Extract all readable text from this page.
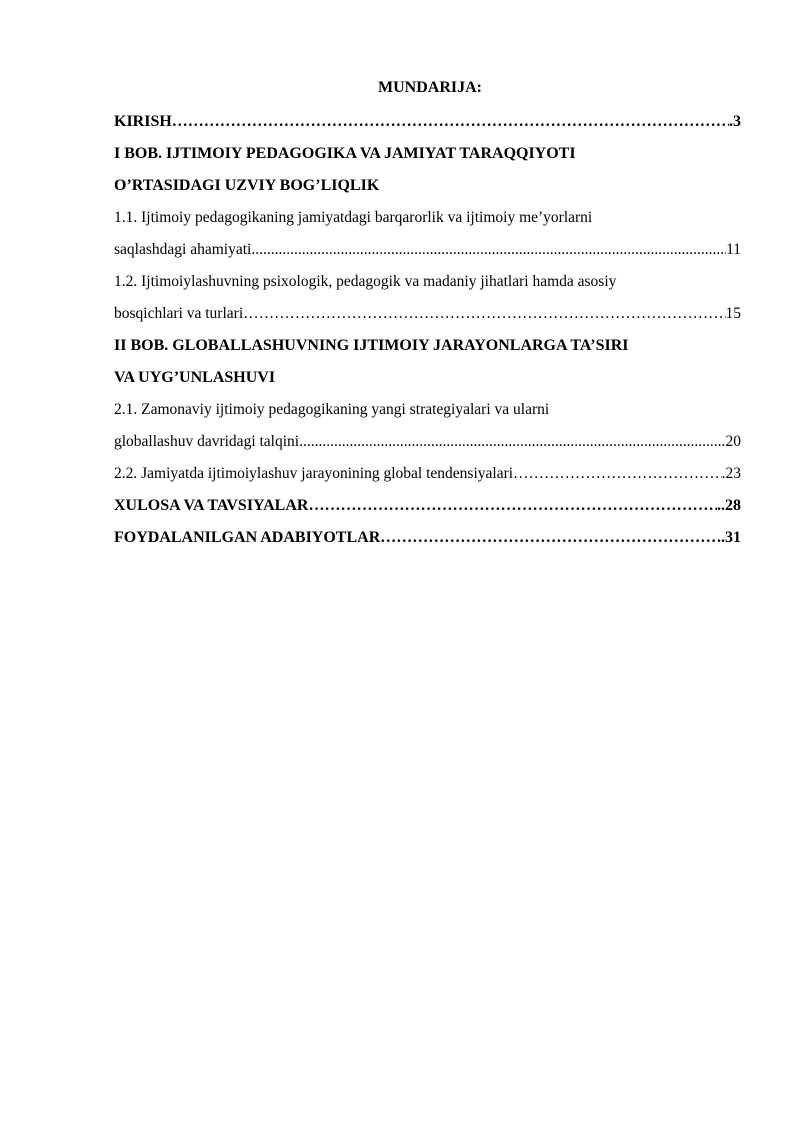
MUNDARIJA:
KIRISH ………………………………………………………………………………………………………………………………………………………………………………………………………………………………………	.3
I BOB. IJTIMOIY PEDAGOGIKA VA JAMIYAT TARAQQIYOTI
O’RTASIDAGI UZVIY BOG’LIQLIK
1.1. Ijtimoiy pedagogikaning jamiyatdagi barqarorlik va ijtimoiy me’yorlarni
saqlashdagi ahamiyati .....	11
1.2. Ijtimoiylashuvning psixologik, pedagogik va madaniy jihatlari hamda asosiy
bosqichlari va turlari ………………………………………………………………………………………………………………………………………………………………………………………………………………………………………	15
II BOB. GLOBALLASHUVNING IJTIMOIY JARAYONLARGA TA’SIRI
VA UYG’UNLASHUVI
2.1. Zamonaviy ijtimoiy pedagogikaning yangi strategiyalari va ularni
globallashuv davridagi talqini .....	20
2.2. Jamiyatda ijtimoiylashuv jarayonining global tendensiyalari ………………………………………………………………………………………………………………………………………………………………………………………………………………………………………	.23
XULOSA VA TAVSIYALAR ………………………………………………………………………………………………………………………………………………………………………………………………………………………………………	..28
FOYDALANILGAN ADABIYOTLAR ………………………………………………………………………………………………………………………………………………………………………………………………………………………………………	..31
